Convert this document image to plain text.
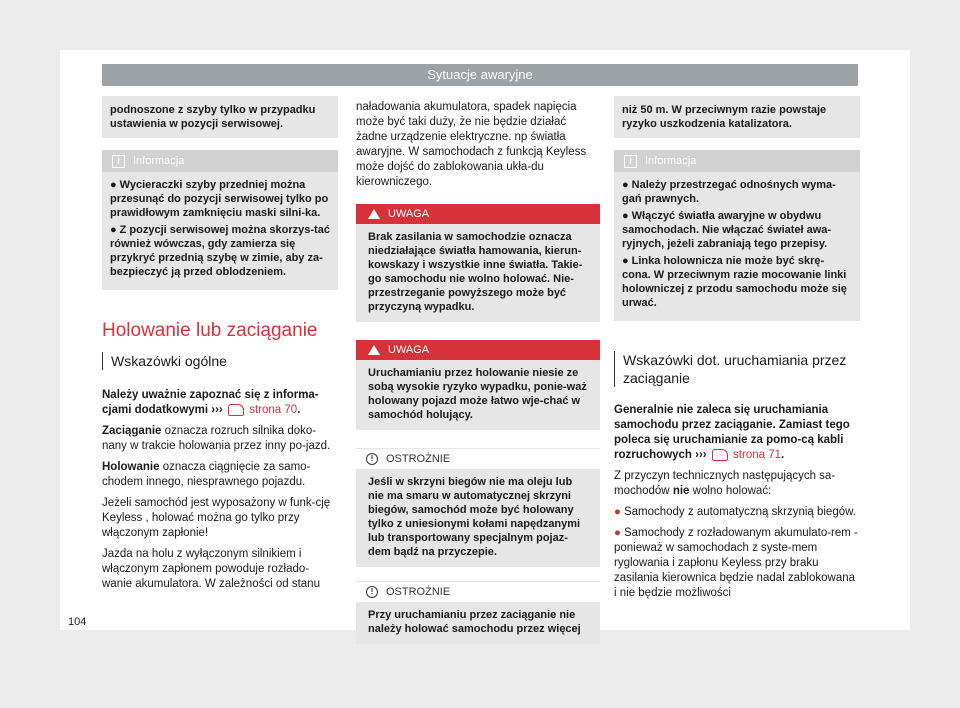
Sytuacje awaryjne

podnoszone z szyby tylko w przypadku ustawienia w pozycji serwisowej.

i	Informacja

● Wycieraczki szyby przedniej można przesunąć do pozycji serwisowej tylko po prawidłowym zamknięciu maski silni-ka.

● Z pozycji serwisowej można skorzys-tać również wówczas, gdy zamierza się przykryć przednią szybę w zimie, aby za-bezpieczyć ją przed oblodzeniem.

Holowanie lub zaciąganie
Wskazówki ogólne

Należy uważnie zapoznać się z informa-cjami dodatkowymi ››› strona 70.

Zaciąganie oznacza rozruch silnika doko-nany w trakcie holowania przez inny po-jazd.

Holowanie oznacza ciągnięcie za samo-chodem innego, niesprawnego pojazdu.

Jeżeli samochód jest wyposażony w funk-cję Keyless , holować można go tylko przy włączonym zapłonie!

Jazda na holu z wyłączonym silnikiem i włączonym zapłonem powoduje rozłado-wanie akumulatora. W zależności od stanu

naładowania akumulatora, spadek napięcia może być taki duży, że nie będzie działać żadne urządzenie elektryczne. np światła awaryjne. W samochodach z funkcją Keyless może dojść do zablokowania ukła-du kierowniczego.

UWAGA
Brak zasilania w samochodzie oznacza niedziałające światła hamowania, kierun-kowskazy i wszystkie inne światła. Takie-go samochodu nie wolno holować. Nie-przestrzeganie powyższego może być przyczyną wypadku.
UWAGA
Uruchamianiu przez holowanie niesie ze sobą wysokie ryzyko wypadku, ponie-waż holowany pojazd może łatwo wje-chać w samochód holujący.
!	OSTROŻNIE
Jeśli w skrzyni biegów nie ma oleju lub nie ma smaru w automatycznej skrzyni biegów, samochód może być holowany tylko z uniesionymi kołami napędzanymi lub transportowany specjalnym pojaz-dem bądź na przyczepie.
!	OSTROŻNIE
Przy uruchamianiu przez zaciąganie nie należy holować samochodu przez więcej

niż 50 m. W przeciwnym razie powstaje ryzyko uszkodzenia katalizatora.

i	Informacja

● Należy przestrzegać odnośnych wyma-gań prawnych.

● Włączyć światła awaryjne w obydwu samochodach. Nie włączać świateł awa-ryjnych, jeżeli zabraniają tego przepisy.

● Linka holownicza nie może być skrę-cona. W przeciwnym razie mocowanie linki holowniczej z przodu samochodu może się urwać.

Wskazówki dot. uruchamiania przez zaciąganie

Generalnie nie zaleca się uruchamiania samochodu przez zaciąganie. Zamiast tego poleca się uruchamianie za pomo-cą kabli rozruchowych ››› strona 71.

Z przyczyn technicznych następujących sa-mochodów nie wolno holować:

● Samochody z automatyczną skrzynią biegów.

● Samochody z rozładowanym akumulato-rem - ponieważ w samochodach z syste-mem ryglowania i zapłonu Keyless przy braku zasilania kierownica będzie nadal zablokowana i nie będzie możliwości

104
